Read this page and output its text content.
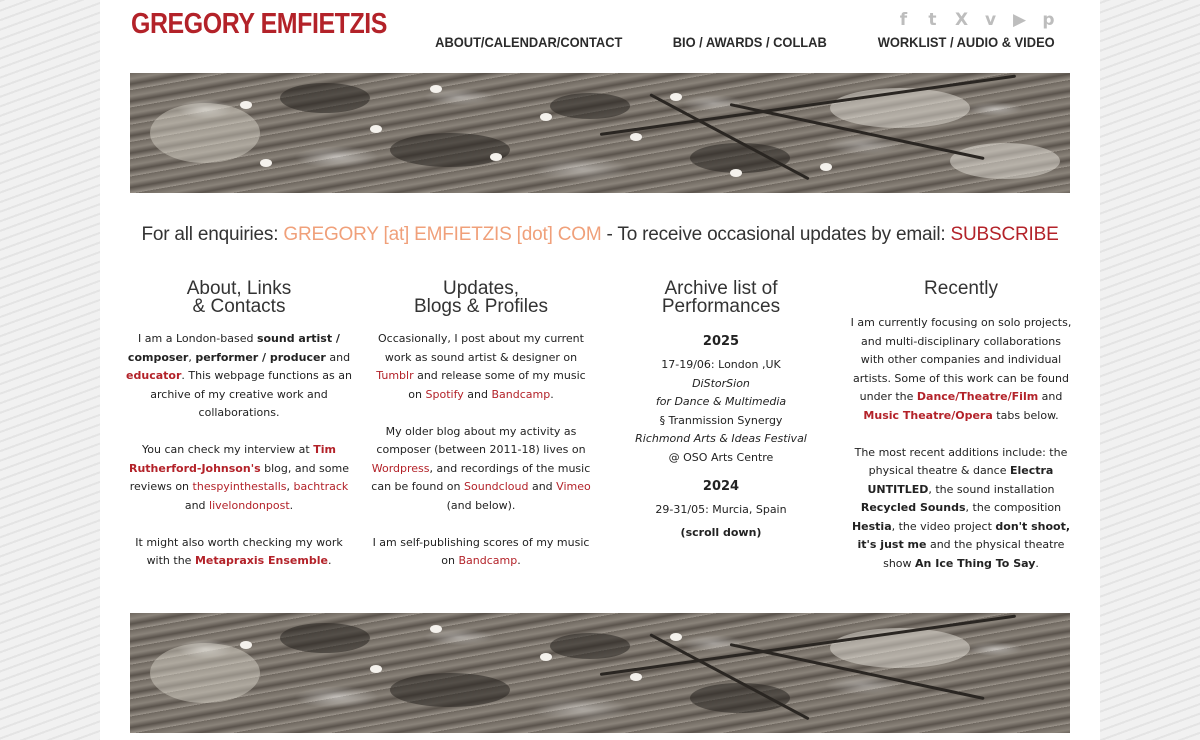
GREGORY EMFIETZIS	f	t	X v ▶ p
ABOUT/CALENDAR/CONTACT	BIO / AWARDS / COLLAB	WORKLIST / AUDIO & VIDEO
For all enquiries: GREGORY [at] EMFIETZIS [dot] COM - To receive occasional updates by email: SUBSCRIBE
About, Links
& Contacts

I am a London-based sound artist / composer, performer / producer and educator. This webpage functions as an archive of my creative work and collaborations.

You can check my interview at Tim Rutherford-Johnson's blog, and some reviews on thespyinthestalls, bachtrack and livelondonpost.

It might also worth checking my work with the Metapraxis Ensemble.

Updates,
Blogs & Profiles

Occasionally, I post about my current work as sound artist & designer on Tumblr and release some of my music on Spotify and Bandcamp.

My older blog about my activity as composer (between 2011-18) lives on Wordpress, and recordings of the music can be found on Soundcloud and Vimeo (and below).

I am self-publishing scores of my music on Bandcamp.

Archive list of
Performances
2025
17-19/06: London ,UK
DiStorSion
for Dance & Multimedia
§ Tranmission Synergy
Richmond Arts & Ideas Festival
@ OSO Arts Centre
2024
29-31/05: Murcia, Spain
(scroll down)
Recently

I am currently focusing on solo projects, and multi-disciplinary collaborations with other companies and individual artists. Some of this work can be found under the Dance/Theatre/Film and Music Theatre/Opera tabs below.

The most recent additions include: the physical theatre & dance Electra UNTITLED, the sound installation Recycled Sounds, the composition Hestia, the video project don't shoot, it's just me and the physical theatre show An Ice Thing To Say.
